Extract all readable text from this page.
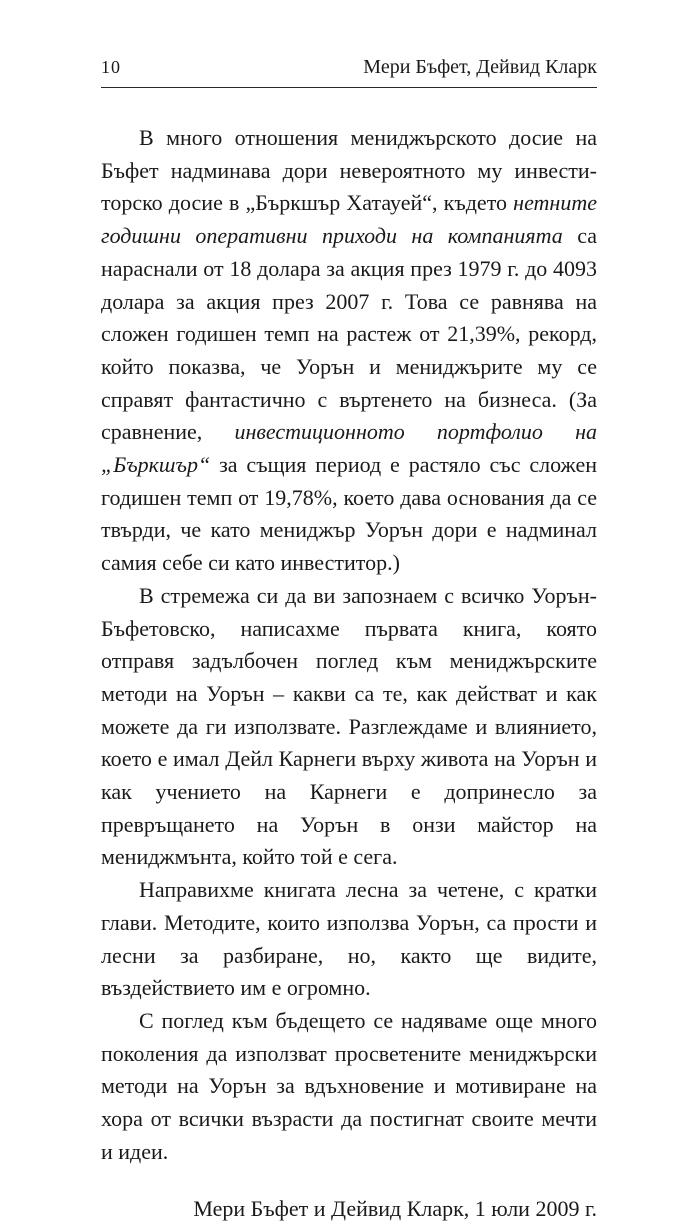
10	Мери Бъфет, Дейвид Кларк

В много отношения мениджърското досие на Бъфет надминава дори невероятното му инвеститорско досие в „Бъркшър Хатауей“, където нетните годишни оперативни приходи на компанията са нараснали от 18 долара за акция през 1979 г. до 4093 долара за акция през 2007 г. Това се равнява на сложен годишен темп на растеж от 21,39%, рекорд, който показва, че Уорън и мениджърите му се справят фантастично с въртенето на бизнеса. (За сравнение, инвестиционното портфолио на „Бъркшър“ за същия период е растяло със сложен годишен темп от 19,78%, което дава основания да се твърди, че като мениджър Уорън дори е надминал самия себе си като инвеститор.)

В стремежа си да ви запознаем с всичко Уорън-Бъфетовско, написахме първата книга, която отправя задълбочен поглед към мениджърските методи на Уорън – какви са те, как действат и как можете да ги използвате. Разглеждаме и влиянието, което е имал Дейл Карнеги върху живота на Уорън и как учението на Карнеги е допринесло за превръщането на Уорън в онзи майстор на мениджмънта, който той е сега.

Направихме книгата лесна за четене, с кратки глави. Методите, които използва Уорън, са прости и лесни за разбиране, но, както ще видите, въздействието им е огромно.

С поглед към бъдещето се надяваме още много поколения да използват просветените мениджърски методи на Уорън за вдъхновение и мотивиране на хора от всички възрасти да постигнат своите мечти и идеи.

Мери Бъфет и Дейвид Кларк, 1 юли 2009 г.
